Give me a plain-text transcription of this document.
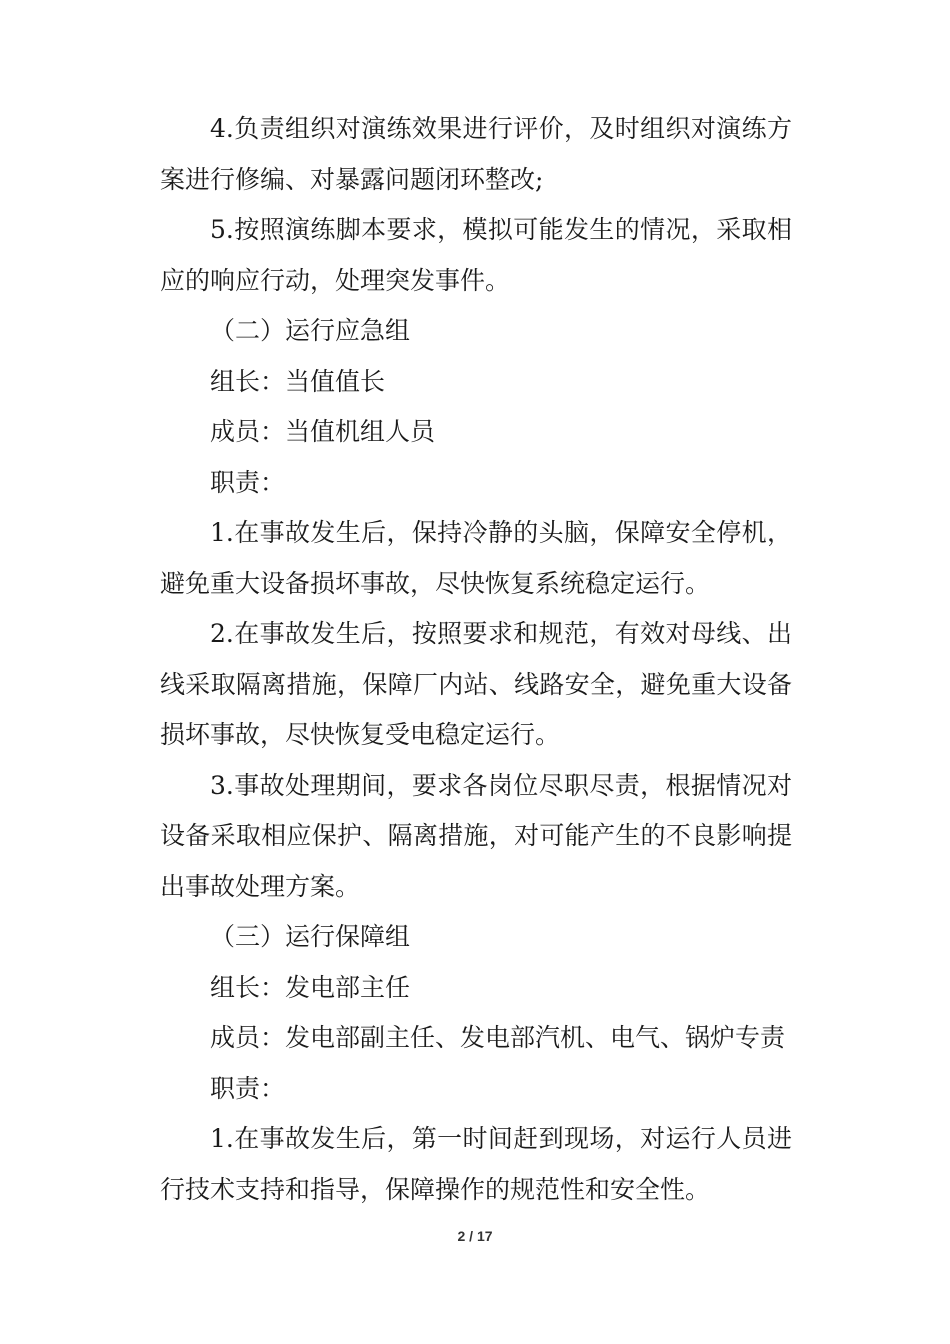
4.负责组织对演练效果进行评价，及时组织对演练方案进行修编、对暴露问题闭环整改;

5.按照演练脚本要求，模拟可能发生的情况，采取相应的响应行动，处理突发事件。

（二）运行应急组

组长：当值值长

成员：当值机组人员

职责：

1.在事故发生后，保持冷静的头脑，保障安全停机，避免重大设备损坏事故，尽快恢复系统稳定运行。

2.在事故发生后，按照要求和规范，有效对母线、出线采取隔离措施，保障厂内站、线路安全，避免重大设备损坏事故，尽快恢复受电稳定运行。

3.事故处理期间，要求各岗位尽职尽责，根据情况对设备采取相应保护、隔离措施，对可能产生的不良影响提出事故处理方案。

（三）运行保障组

组长：发电部主任

成员：发电部副主任、发电部汽机、电气、锅炉专责

职责：

1.在事故发生后，第一时间赶到现场，对运行人员进行技术支持和指导，保障操作的规范性和安全性。

2 / 17
